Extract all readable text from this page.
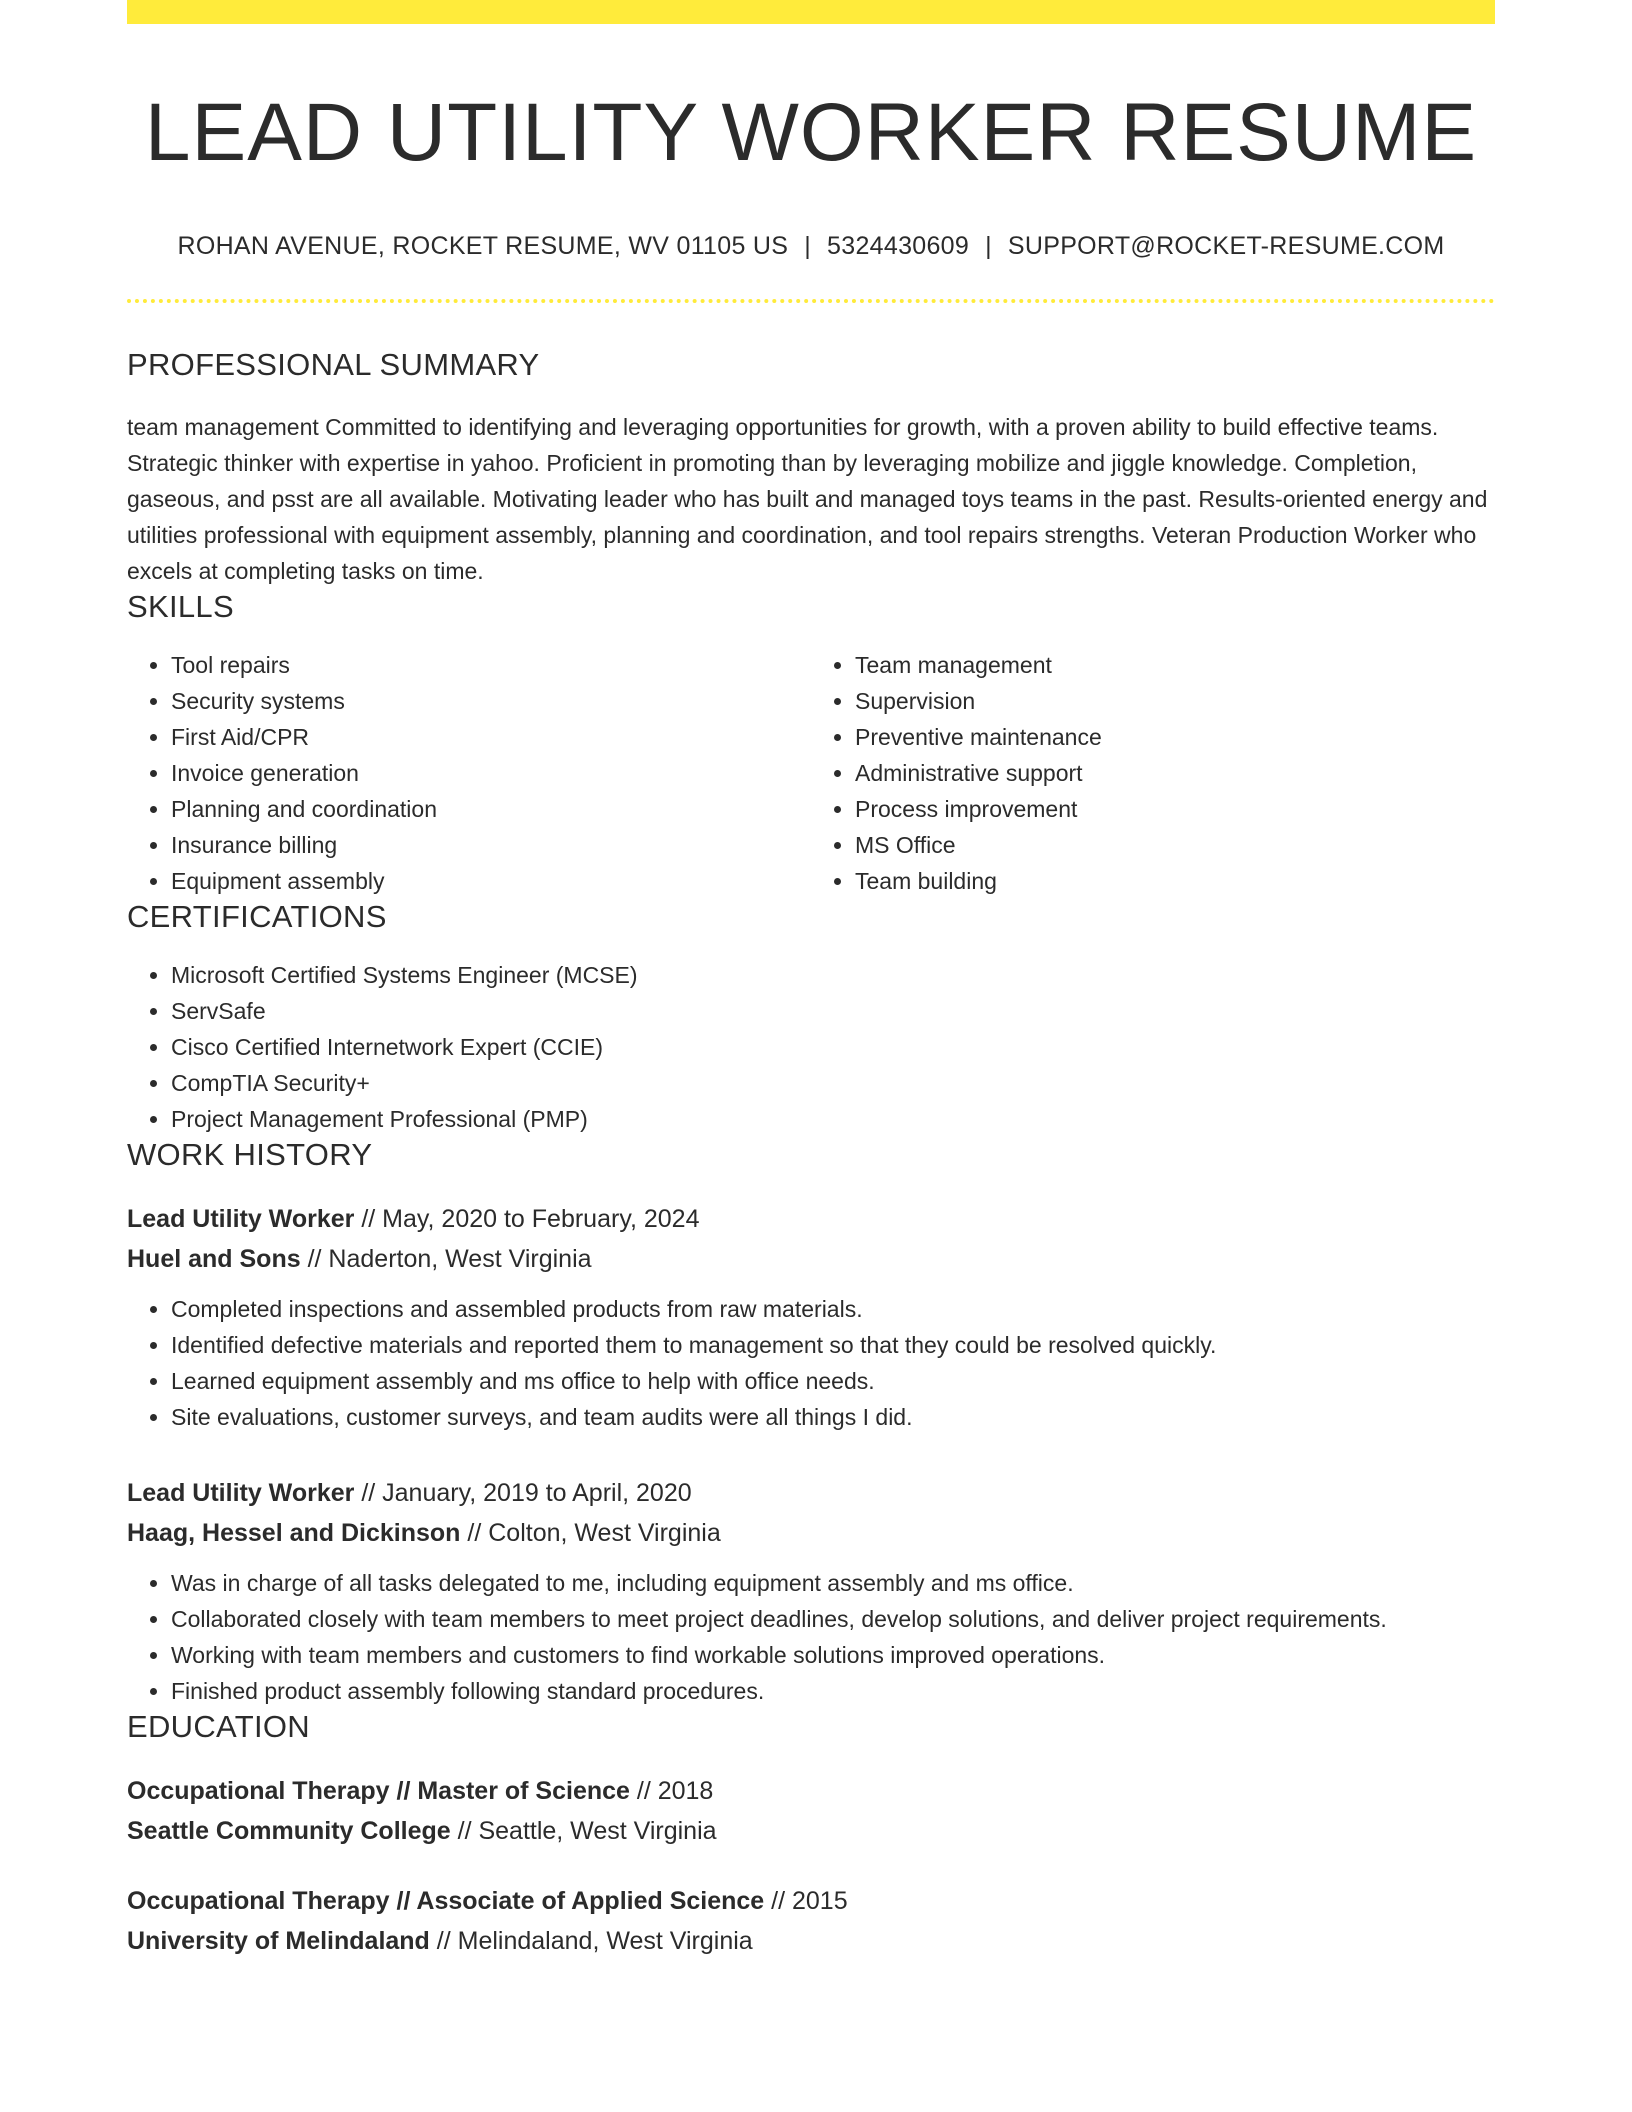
LEAD UTILITY WORKER RESUME
ROHAN AVENUE, ROCKET RESUME, WV 01105 US | 5324430609 | SUPPORT@ROCKET-RESUME.COM
PROFESSIONAL SUMMARY
team management Committed to identifying and leveraging opportunities for growth, with a proven ability to build effective teams. Strategic thinker with expertise in yahoo. Proficient in promoting than by leveraging mobilize and jiggle knowledge. Completion, gaseous, and psst are all available. Motivating leader who has built and managed toys teams in the past. Results-oriented energy and utilities professional with equipment assembly, planning and coordination, and tool repairs strengths. Veteran Production Worker who excels at completing tasks on time.
SKILLS
• Tool repairs
• Security systems
• First Aid/CPR
• Invoice generation
• Planning and coordination
• Insurance billing
• Equipment assembly
• Team management
• Supervision
• Preventive maintenance
• Administrative support
• Process improvement
• MS Office
• Team building
CERTIFICATIONS
• Microsoft Certified Systems Engineer (MCSE)
• ServSafe
• Cisco Certified Internetwork Expert (CCIE)
• CompTIA Security+
• Project Management Professional (PMP)
WORK HISTORY
Lead Utility Worker // May, 2020 to February, 2024
Huel and Sons // Naderton, West Virginia
• Completed inspections and assembled products from raw materials.
• Identified defective materials and reported them to management so that they could be resolved quickly.
• Learned equipment assembly and ms office to help with office needs.
• Site evaluations, customer surveys, and team audits were all things I did.
Lead Utility Worker // January, 2019 to April, 2020
Haag, Hessel and Dickinson // Colton, West Virginia
• Was in charge of all tasks delegated to me, including equipment assembly and ms office.
• Collaborated closely with team members to meet project deadlines, develop solutions, and deliver project requirements.
• Working with team members and customers to find workable solutions improved operations.
• Finished product assembly following standard procedures.
EDUCATION
Occupational Therapy // Master of Science // 2018
Seattle Community College // Seattle, West Virginia
Occupational Therapy // Associate of Applied Science // 2015
University of Melindaland // Melindaland, West Virginia
